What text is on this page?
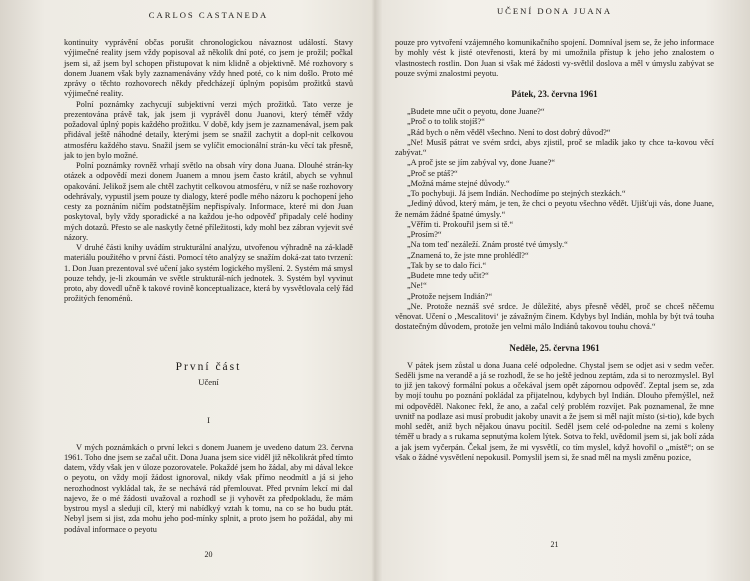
CARLOS CASTANEDA

kontinuity vyprávění občas porušit chronologickou návaznost událostí. Stavy výjimečné reality jsem vždy popisoval až několik dní poté, co jsem je prožil; počkal jsem si, až jsem byl schopen přistupovat k nim klidně a objektivně. Mé rozhovory s donem Juanem však byly zaznamenávány vždy hned poté, co k nim došlo. Proto mé zprávy o těchto rozhovorech někdy předcházejí úplným popisům prožitků stavů výjimečné reality.

Polní poznámky zachycují subjektivní verzi mých prožitků. Tato verze je prezentována právě tak, jak jsem ji vyprávěl donu Juanovi, který téměř vždy požadoval úplný popis každého prožitku. V době, kdy jsem je zaznamenával, jsem pak přidával ještě náhodné detaily, kterými jsem se snažil zachytit a dopl-nit celkovou atmosféru každého stavu. Snažil jsem se vylíčit emocionální strán-ku věcí tak přesně, jak to jen bylo možné.

Polní poznámky rovněž vrhají světlo na obsah víry dona Juana. Dlouhé strán-ky otázek a odpovědí mezi donem Juanem a mnou jsem často krátil, abych se vyhnul opakování. Jelikož jsem ale chtěl zachytit celkovou atmosféru, v níž se naše rozhovory odehrávaly, vypustil jsem pouze ty dialogy, které podle mého názoru k pochopení jeho cesty za poznáním ničím podstatnějším nepřispívaly. Informace, které mi don Juan poskytoval, byly vždy sporadické a na každou je-ho odpověď připadaly celé hodiny mých dotazů. Přesto se ale naskytly četné příležitosti, kdy mohl bez zábran vyjevit své názory.

V druhé části knihy uvádím strukturální analýzu, utvořenou výhradně na zá-kladě materiálu použitého v první části. Pomocí této analýzy se snažím doká-zat tato tvrzení: 1. Don Juan prezentoval své učení jako systém logického myšlení. 2. Systém má smysl pouze tehdy, je-li zkoumán ve světle strukturál-ních jednotek. 3. Systém byl vyvinut proto, aby dovedl učně k takové rovině konceptualizace, která by vysvětlovala celý řád prožitých fenoménů.

První část
Učení
I

V mých poznámkách o první lekci s donem Juanem je uvedeno datum 23. června 1961. Toho dne jsem se začal učit. Dona Juana jsem sice viděl již několikrát před tímto datem, vždy však jen v úloze pozorovatele. Pokaždé jsem ho žádal, aby mi dával lekce o peyotu, on vždy mojí žádost ignoroval, nikdy však přímo neodmítl a já si jeho nerozhodnost vykládal tak, že se nechává rád přemlouvat. Před prvním lekcí mi dal najevo, že o mé žádosti uvažoval a rozhodl se ji vyhovět za předpokladu, že mám bystrou mysl a sleduji cíl, který mi nabídkyý vztah k tomu, na co se ho budu ptát. Nebyl jsem si jist, zda mohu jeho pod-mínky splnit, a proto jsem ho požádal, aby mi podával informace o peyotu

20
UČENÍ DONA JUANA

pouze pro vytvoření vzájemného komunikačního spojení. Domníval jsem se, že jeho informace by mohly vést k jisté otevřenosti, která by mi umožnila přístup k jeho jeho znalostem o vlastnostech rostlin. Don Juan si však mé žádosti vy-světlil doslova a měl v úmyslu zabývat se pouze svými znalostmi peyotu.

Pátek, 23. června 1961

„Budete mne učit o peyotu, done Juane?“

„Proč o to tolik stojíš?“

„Rád bych o něm věděl všechno. Není to dost dobrý důvod?“

„Ne! Musíš pátrat ve svém srdci, abys zjistil, proč se mladík jako ty chce ta-kovou věcí zabývat.“

„A proč jste se jím zabýval vy, done Juane?“

„Proč se ptáš?“

„Možná máme stejné důvody.“

„To pochybuji. Já jsem Indián. Nechodíme po stejných stezkách.“

„Jediný důvod, který mám, je ten, že chci o peyotu všechno vědět. Ujišťuji vás, done Juane, že nemám žádné špatné úmysly.“

„Věřím ti. Prokouřil jsem si tě.“

„Prosím?“

„Na tom teď nezáleží. Znám prosté tvé úmysly.“

„Znamená to, že jste mne prohlédl?“

„Tak by se to dalo říci.“

„Budete mne tedy učit?“

„Ne!“

„Protože nejsem Indián?“

„Ne. Protože neznáš své srdce. Je důležité, abys přesně věděl, proč se chceš něčemu věnovat. Učení o ‚Mescalitovi‘ je závažným činem. Kdybys byl Indián, mohla by být tvá touha dostatečným důvodem, protože jen velmi málo Indiánů takovou touhu chová.“

Neděle, 25. června 1961

V pátek jsem zůstal u dona Juana celé odpoledne. Chystal jsem se odjet asi v sedm večer. Seděli jsme na verandě a já se rozhodl, že se ho ještě jednou zeptám, zda si to nerozmyslel. Byl to již jen takový formální pokus a očekával jsem opět zápornou odpověď. Zeptal jsem se, zda by mojí touhu po poznání pokládal za přijatelnou, kdybych byl Indián. Dlouho přemýšlel, než mi odpověděl. Nakonec řekl, že ano, a začal celý problém rozvíjet. Pak poznamenal, že mne uvnitř na podlaze asi musí probudit jakoby unavit a že jsem si měl najít místo (si-tio), kde bych mohl sedět, aniž bych nějakou únavu pocítil. Seděl jsem celé od-poledne na zemi s koleny téměř u brady a s rukama sepnutýma kolem lýtek. Sotva to řekl, uvědomil jsem si, jak bolí záda a jak jsem vyčerpán. Čekal jsem, že mi vysvětlí, co tím myslel, když hovořil o „místě“; on se však o žádné vysvětlení nepokusil. Pomyslil jsem si, že snad měl na mysli změnu pozice,

21
